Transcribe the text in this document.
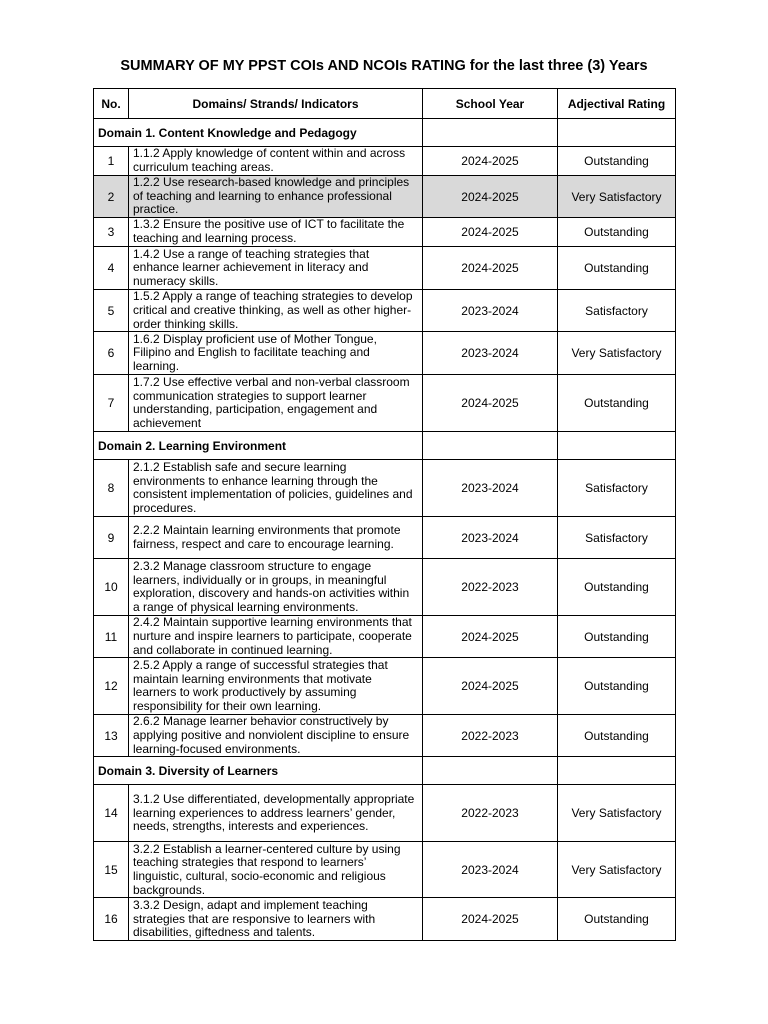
SUMMARY OF MY PPST COIs AND NCOIs RATING for the last three (3) Years
No.	Domains/ Strands/ Indicators	School Year	Adjectival Rating
Domain 1. Content Knowledge and Pedagogy			
1	1.1.2 Apply knowledge of content within and across curriculum teaching areas.	2024-2025	Outstanding
2	1.2.2 Use research-based knowledge and principles of teaching and learning to enhance professional practice.	2024-2025	Very Satisfactory
3	1.3.2 Ensure the positive use of ICT to facilitate the teaching and learning process.	2024-2025	Outstanding
4	1.4.2 Use a range of teaching strategies that enhance learner achievement in literacy and numeracy skills.	2024-2025	Outstanding
5	1.5.2 Apply a range of teaching strategies to develop critical and creative thinking, as well as other higher-order thinking skills.	2023-2024	Satisfactory
6	1.6.2 Display proficient use of Mother Tongue, Filipino and English to facilitate teaching and learning.	2023-2024	Very Satisfactory
7	1.7.2 Use effective verbal and non-verbal classroom communication strategies to support learner understanding, participation, engagement and achievement	2024-2025	Outstanding
Domain 2. Learning Environment			
8	2.1.2 Establish safe and secure learning environments to enhance learning through the consistent implementation of policies, guidelines and procedures.	2023-2024	Satisfactory
9	2.2.2 Maintain learning environments that promote fairness, respect and care to encourage learning.	2023-2024	Satisfactory
10	2.3.2 Manage classroom structure to engage learners, individually or in groups, in meaningful exploration, discovery and hands-on activities within a range of physical learning environments.	2022-2023	Outstanding
11	2.4.2 Maintain supportive learning environments that nurture and inspire learners to participate, cooperate and collaborate in continued learning.	2024-2025	Outstanding
12	2.5.2 Apply a range of successful strategies that maintain learning environments that motivate learners to work productively by assuming responsibility for their own learning.	2024-2025	Outstanding
13	2.6.2 Manage learner behavior constructively by applying positive and nonviolent discipline to ensure learning-focused environments.	2022-2023	Outstanding
Domain 3. Diversity of Learners			
14	3.1.2 Use differentiated, developmentally appropriate learning experiences to address learners’ gender, needs, strengths, interests and experiences.	2022-2023	Very Satisfactory
15	3.2.2 Establish a learner-centered culture by using teaching strategies that respond to learners’ linguistic, cultural, socio-economic and religious backgrounds.	2023-2024	Very Satisfactory
16	3.3.2 Design, adapt and implement teaching strategies that are responsive to learners with disabilities, giftedness and talents.	2024-2025	Outstanding
